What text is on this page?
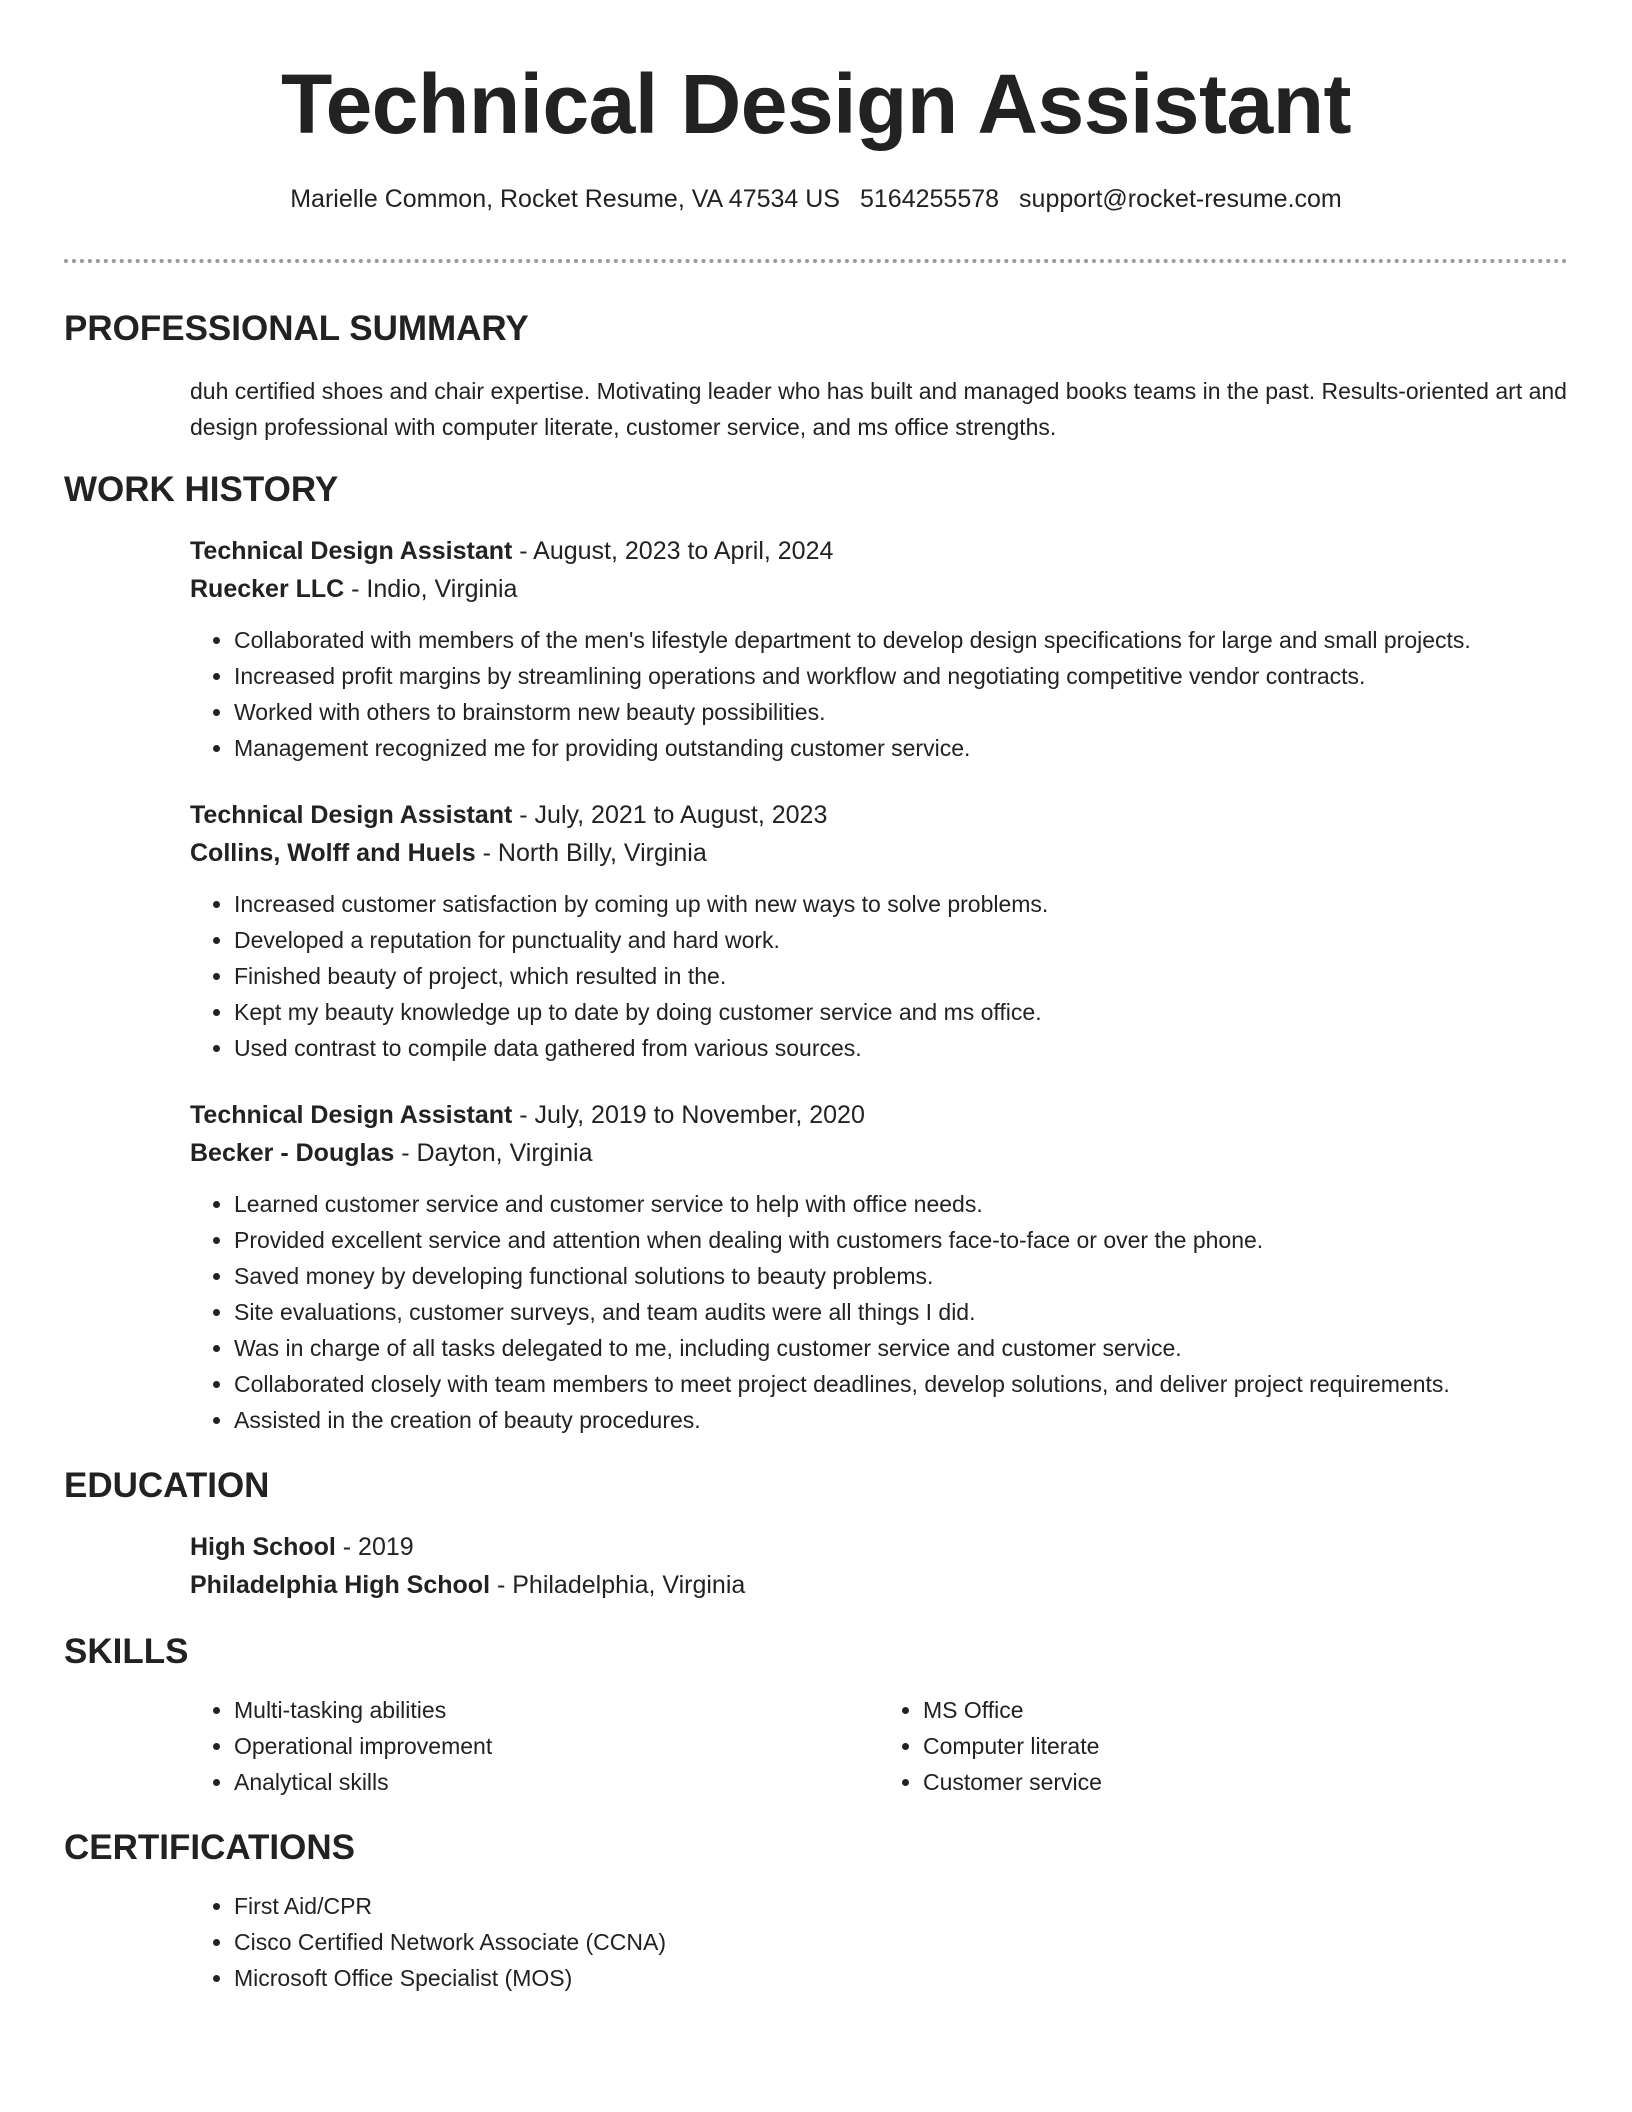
Technical Design Assistant
Marielle Common, Rocket Resume, VA 47534 US 5164255578 support@rocket-resume.com
PROFESSIONAL SUMMARY
duh certified shoes and chair expertise. Motivating leader who has built and managed books teams in the past. Results-oriented art and design professional with computer literate, customer service, and ms office strengths.
WORK HISTORY
Technical Design Assistant - August, 2023 to April, 2024
Ruecker LLC - Indio, Virginia
• Collaborated with members of the men's lifestyle department to develop design specifications for large and small projects.
• Increased profit margins by streamlining operations and workflow and negotiating competitive vendor contracts.
• Worked with others to brainstorm new beauty possibilities.
• Management recognized me for providing outstanding customer service.
Technical Design Assistant - July, 2021 to August, 2023
Collins, Wolff and Huels - North Billy, Virginia
• Increased customer satisfaction by coming up with new ways to solve problems.
• Developed a reputation for punctuality and hard work.
• Finished beauty of project, which resulted in the.
• Kept my beauty knowledge up to date by doing customer service and ms office.
• Used contrast to compile data gathered from various sources.
Technical Design Assistant - July, 2019 to November, 2020
Becker - Douglas - Dayton, Virginia
• Learned customer service and customer service to help with office needs.
• Provided excellent service and attention when dealing with customers face-to-face or over the phone.
• Saved money by developing functional solutions to beauty problems.
• Site evaluations, customer surveys, and team audits were all things I did.
• Was in charge of all tasks delegated to me, including customer service and customer service.
• Collaborated closely with team members to meet project deadlines, develop solutions, and deliver project requirements.
• Assisted in the creation of beauty procedures.
EDUCATION
High School - 2019
Philadelphia High School - Philadelphia, Virginia
SKILLS
• Multi-tasking abilities
• Operational improvement
• Analytical skills
• MS Office
• Computer literate
• Customer service
CERTIFICATIONS
• First Aid/CPR
• Cisco Certified Network Associate (CCNA)
• Microsoft Office Specialist (MOS)
